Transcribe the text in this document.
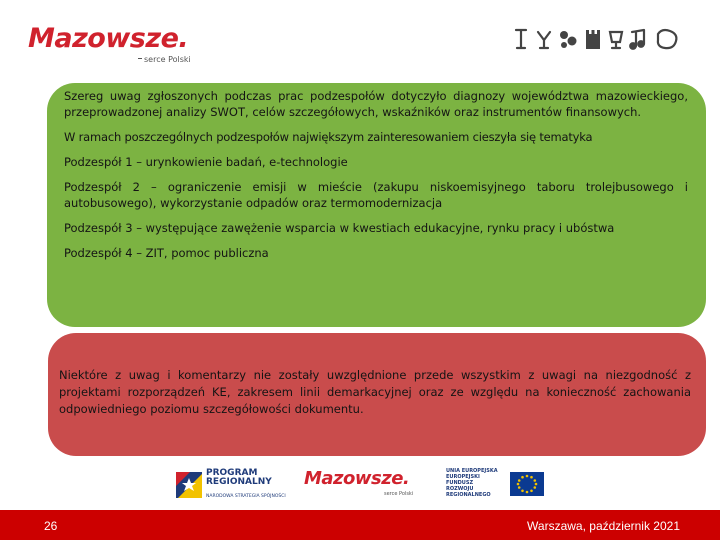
Mazowsze.
serce Polski

Szereg uwag zgłoszonych podczas prac podzespołów dotyczyło diagnozy województwa mazowieckiego, przeprowadzonej analizy SWOT, celów szczegółowych, wskaźników oraz instrumentów finansowych.

W ramach poszczególnych podzespołów największym zainteresowaniem cieszyła się tematyka

Podzespół 1 – urynkowienie badań, e-technologie

Podzespół 2 – ograniczenie emisji w mieście (zakupu niskoemisyjnego taboru trolejbusowego i autobusowego), wykorzystanie odpadów oraz termomodernizacja

Podzespół 3 – występujące zawężenie wsparcia w kwestiach edukacyjne, rynku pracy i ubóstwa

Podzespół 4 – ZIT, pomoc publiczna

Niektóre z uwag i komentarzy nie zostały uwzględnione przede wszystkim z uwagi na niezgodność z projektami rozporządzeń KE, zakresem linii demarkacyjnej oraz ze względu na konieczność zachowania odpowiedniego poziomu szczegółowości dokumentu.
PROGRAM
REGIONALNY
NARODOWA STRATEGIA SPÓJNOŚCI
Mazowsze.
serce Polski
UNIA EUROPEJSKA
EUROPEJSKI FUNDUSZ
ROZWOJU REGIONALNEGO
26	Warszawa, październik 2021
